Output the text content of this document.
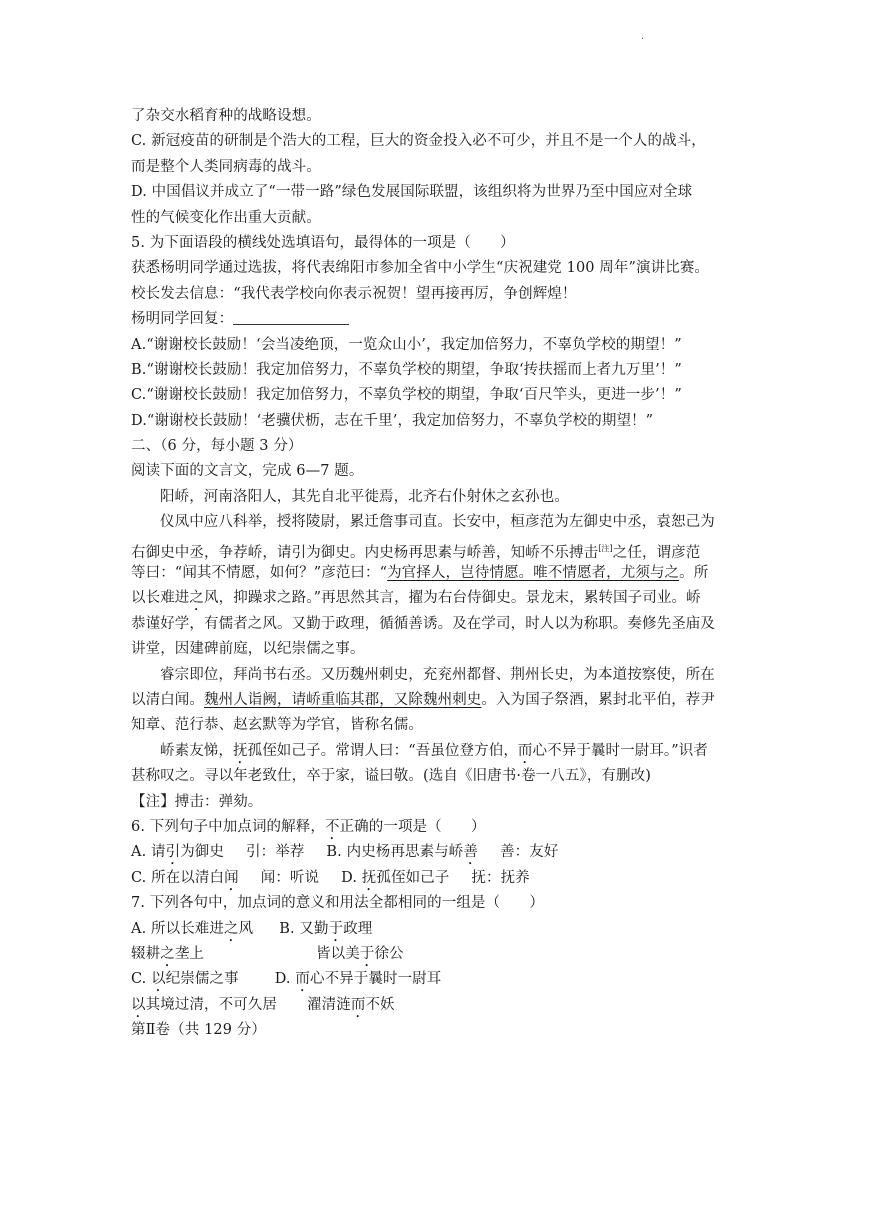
·
了杂交水稻育种的战略设想。
C. 新冠疫苗的研制是个浩大的工程，巨大的资金投入必不可少，并且不是一个人的战斗，
而是整个人类同病毒的战斗。
D. 中国倡议并成立了“一带一路”绿色发展国际联盟，该组织将为世界乃至中国应对全球
性的气候变化作出重大贡献。
5. 为下面语段的横线处选填语句，最得体的一项是（　　）
获悉杨明同学通过选拔，将代表绵阳市参加全省中小学生“庆祝建党 100 周年”演讲比赛。
校长发去信息：“我代表学校向你表示祝贺！望再接再厉，争创辉煌！
杨明同学回复：
A.“谢谢校长鼓励！‘会当凌绝顶，一览众山小’，我定加倍努力，不辜负学校的期望！”
B.“谢谢校长鼓励！我定加倍努力，不辜负学校的期望，争取‘抟扶摇而上者九万里’！”
C.“谢谢校长鼓励！我定加倍努力，不辜负学校的期望，争取‘百尺竿头，更进一步’！”
D.“谢谢校长鼓励！‘老骥伏枥，志在千里’，我定加倍努力，不辜负学校的期望！”
二、（6 分，每小题 3 分）
阅读下面的文言文，完成 6—7 题。
阳峤，河南洛阳人，其先自北平徙焉，北齐右仆射休之玄孙也。
仪凤中应八科举，授将陵尉，累迁詹事司直。长安中，桓彦范为左御史中丞，袁恕己为
右御史中丞，争荐峤，请引为御史。内史杨再思素与峤善，知峤不乐搏击[注]之任，谓彦范
等曰：“闻其不情愿，如何？”彦范曰：“为官择人，岂待情愿。唯不情愿者，尤须与之。所
以长难进之风，抑躁求之路。”再思然其言，擢为右台侍御史。景龙末，累转国子司业。峤
恭谨好学，有儒者之风。又勤于政理，循循善诱。及在学司，时人以为称职。奏修先圣庙及
讲堂，因建碑前庭，以纪崇儒之事。
睿宗即位，拜尚书右丞。又历魏州刺史，充兖州都督、荆州长史，为本道按察使，所在
以清白闻。魏州人诣阙，请峤重临其郡，又除魏州刺史。入为国子祭酒，累封北平伯，荐尹
知章、范行恭、赵玄默等为学官，皆称名儒。
峤素友悌，抚孤侄如己子。常谓人曰：“吾虽位登方伯，而心不异于曩时一尉耳。”识者
甚称叹之。寻以年老致仕，卒于家，谥曰敬。(选自《旧唐书·卷一八五》，有删改)
【注】搏击：弹劾。
6. 下列句子中加点词的解释，不正确的一项是（　　）
A. 请引为御史 引：举荐 B. 内史杨再思素与峤善 善：友好
C. 所在以清白闻 闻：听说 D. 抚孤侄如己子 抚：抚养
7. 下列各句中，加点词的意义和用法全都相同的一组是（　　）
A. 所以长难进之风 B. 又勤于政理
辍耕之垄上	皆以美于徐公
C. 以纪崇儒之事 D. 而心不异于曩时一尉耳
以其境过清，不可久居 濯清涟而不妖
第Ⅱ卷（共 129 分）
